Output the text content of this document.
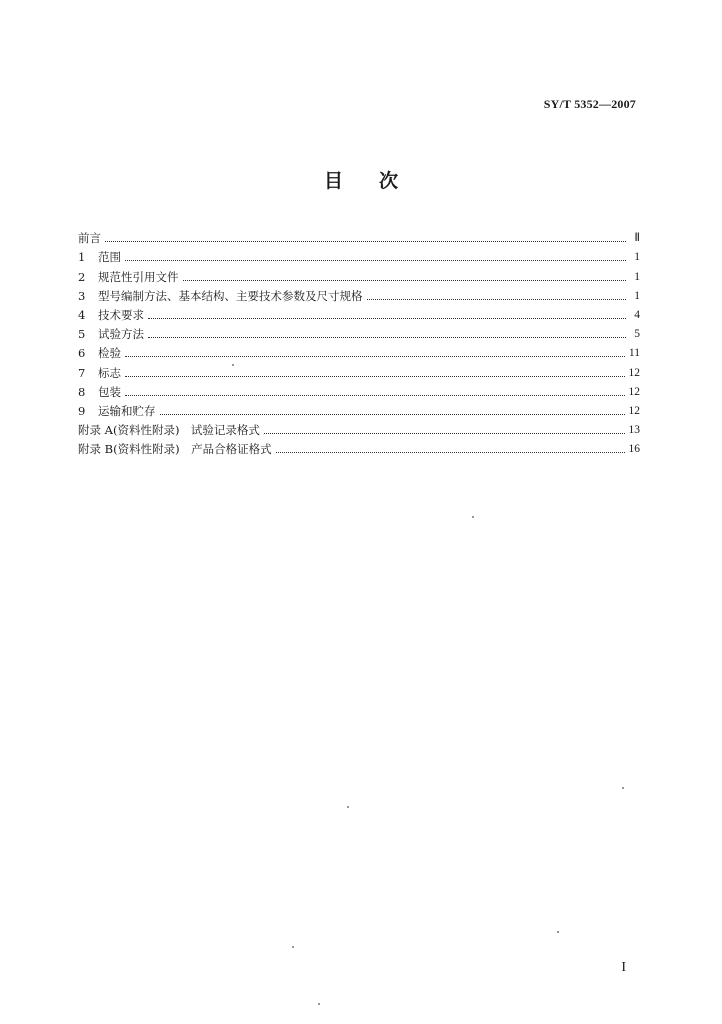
SY/T 5352—2007
目次
前言	Ⅱ
1	范围	1
2	规范性引用文件	1
3	型号编制方法、基本结构、主要技术参数及尺寸规格	1
4	技术要求	4
5	试验方法	5
6	检验	11
7	标志	12
8	包装	12
9	运输和贮存	12
附录 A(资料性附录)　试验记录格式	13
附录 B(资料性附录)　产品合格证格式	16
I
